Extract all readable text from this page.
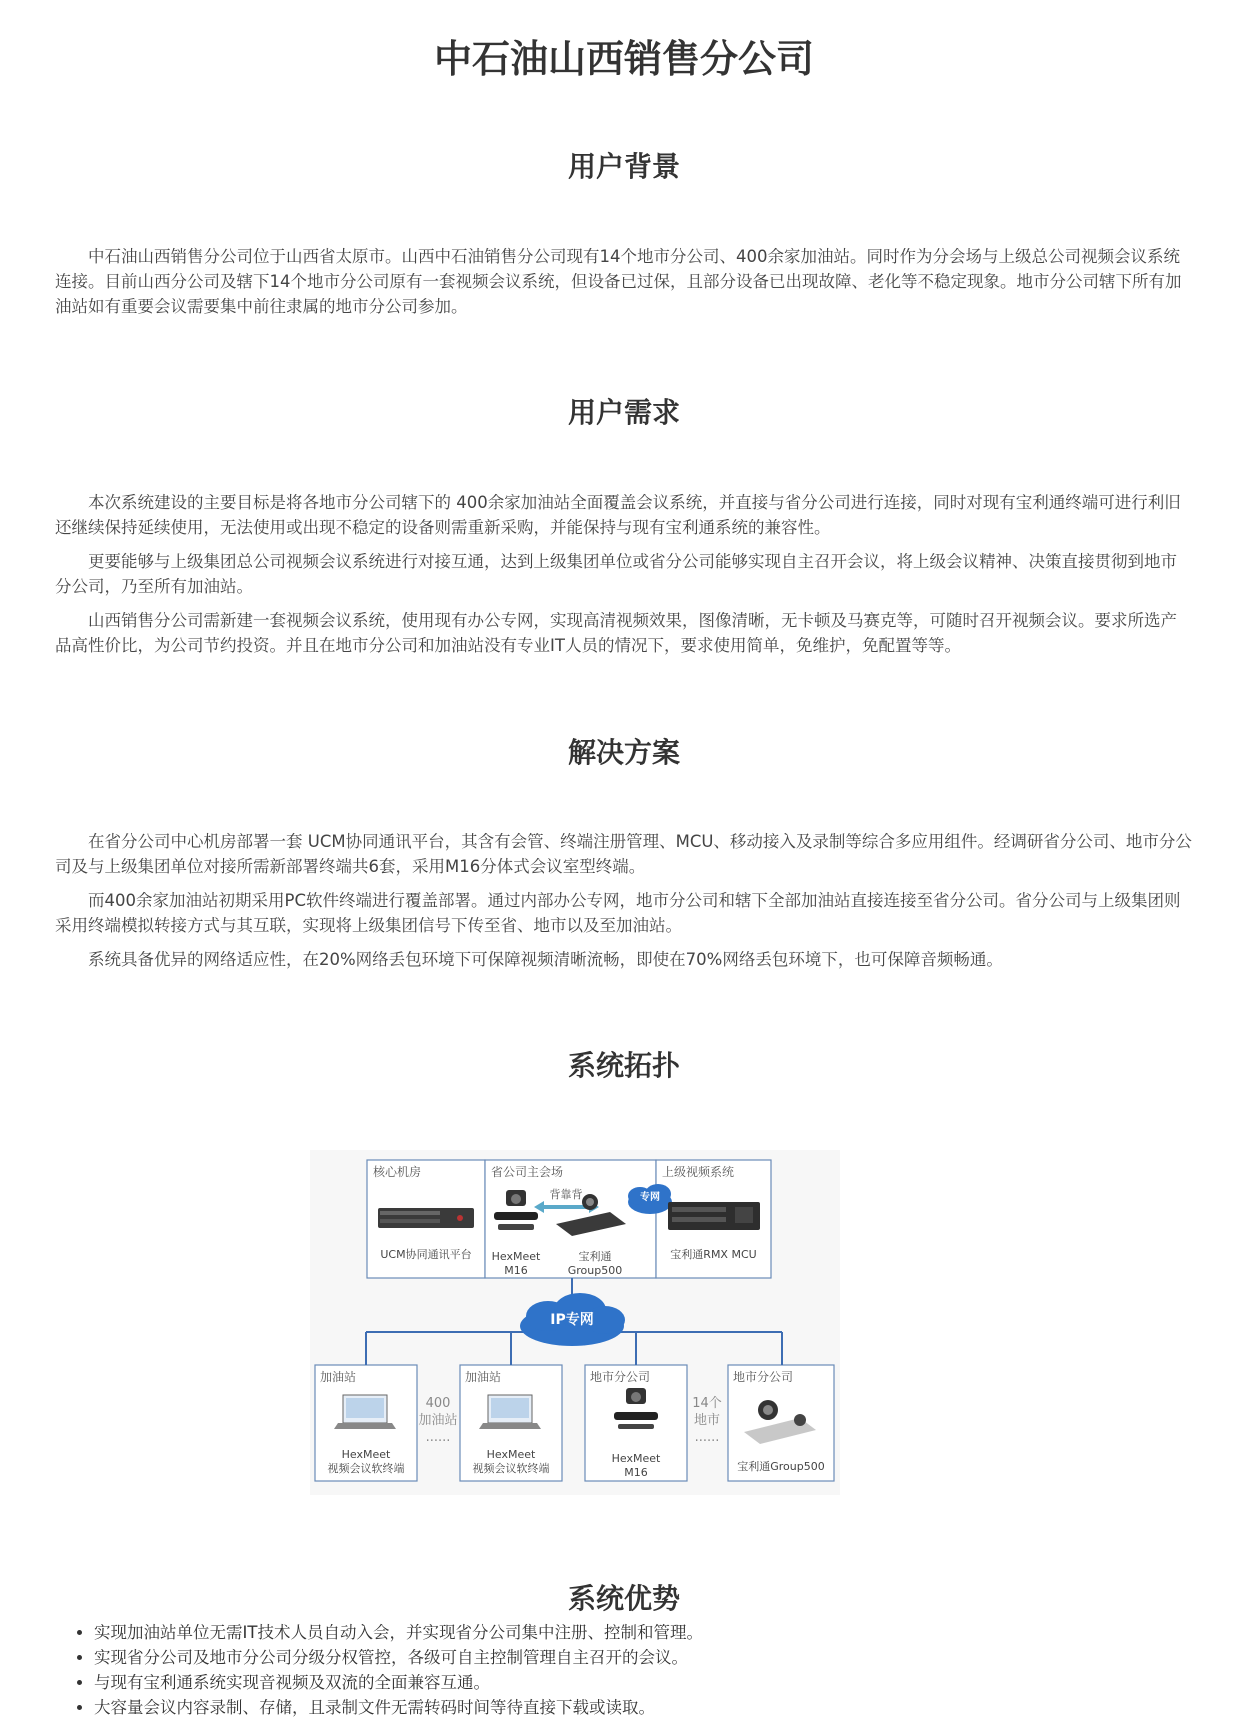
中石油山西销售分公司
用户背景

中石油山西销售分公司位于山西省太原市。山西中石油销售分公司现有14个地市分公司、400余家加油站。同时作为分会场与上级总公司视频会议系统连接。目前山西分公司及辖下14个地市分公司原有一套视频会议系统，但设备已过保，且部分设备已出现故障、老化等不稳定现象。地市分公司辖下所有加油站如有重要会议需要集中前往隶属的地市分公司参加。

用户需求

本次系统建设的主要目标是将各地市分公司辖下的 400余家加油站全面覆盖会议系统，并直接与省分公司进行连接，同时对现有宝利通终端可进行利旧还继续保持延续使用，无法使用或出现不稳定的设备则需重新采购，并能保持与现有宝利通系统的兼容性。

更要能够与上级集团总公司视频会议系统进行对接互通，达到上级集团单位或省分公司能够实现自主召开会议，将上级会议精神、决策直接贯彻到地市分公司，乃至所有加油站。

山西销售分公司需新建一套视频会议系统，使用现有办公专网，实现高清视频效果，图像清晰，无卡顿及马赛克等，可随时召开视频会议。要求所选产品高性价比，为公司节约投资。并且在地市分公司和加油站没有专业IT人员的情况下，要求使用简单，免维护，免配置等等。

解决方案

在省分公司中心机房部署一套 UCM协同通讯平台，其含有会管、终端注册管理、MCU、移动接入及录制等综合多应用组件。经调研省分公司、地市分公司及与上级集团单位对接所需新部署终端共6套，采用M16分体式会议室型终端。

而400余家加油站初期采用PC软件终端进行覆盖部署。通过内部办公专网，地市分公司和辖下全部加油站直接连接至省分公司。省分公司与上级集团则采用终端模拟转接方式与其互联，实现将上级集团信号下传至省、地市以及至加油站。

系统具备优异的网络适应性，在20%网络丢包环境下可保障视频清晰流畅，即使在70%网络丢包环境下，也可保障音频畅通。

系统拓扑
核心机房	省公司主会场	上级视频系统
UCM协同通讯平台	宝利通RMX MCU
HexMeet
M16
宝利通
Group500
背靠背	专网
IP专网
加油站	加油站	地市分公司	地市分公司
HexMeet
视频会议软终端
HexMeet
视频会议软终端
HexMeet
M16	宝利通Group500
400
加油站
......
14个
地市
......
系统优势
• 实现加油站单位无需IT技术人员自动入会，并实现省分公司集中注册、控制和管理。
• 实现省分公司及地市分公司分级分权管控，各级可自主控制管理自主召开的会议。
• 与现有宝利通系统实现音视频及双流的全面兼容互通。
• 大容量会议内容录制、存储，且录制文件无需转码时间等待直接下载或读取。
